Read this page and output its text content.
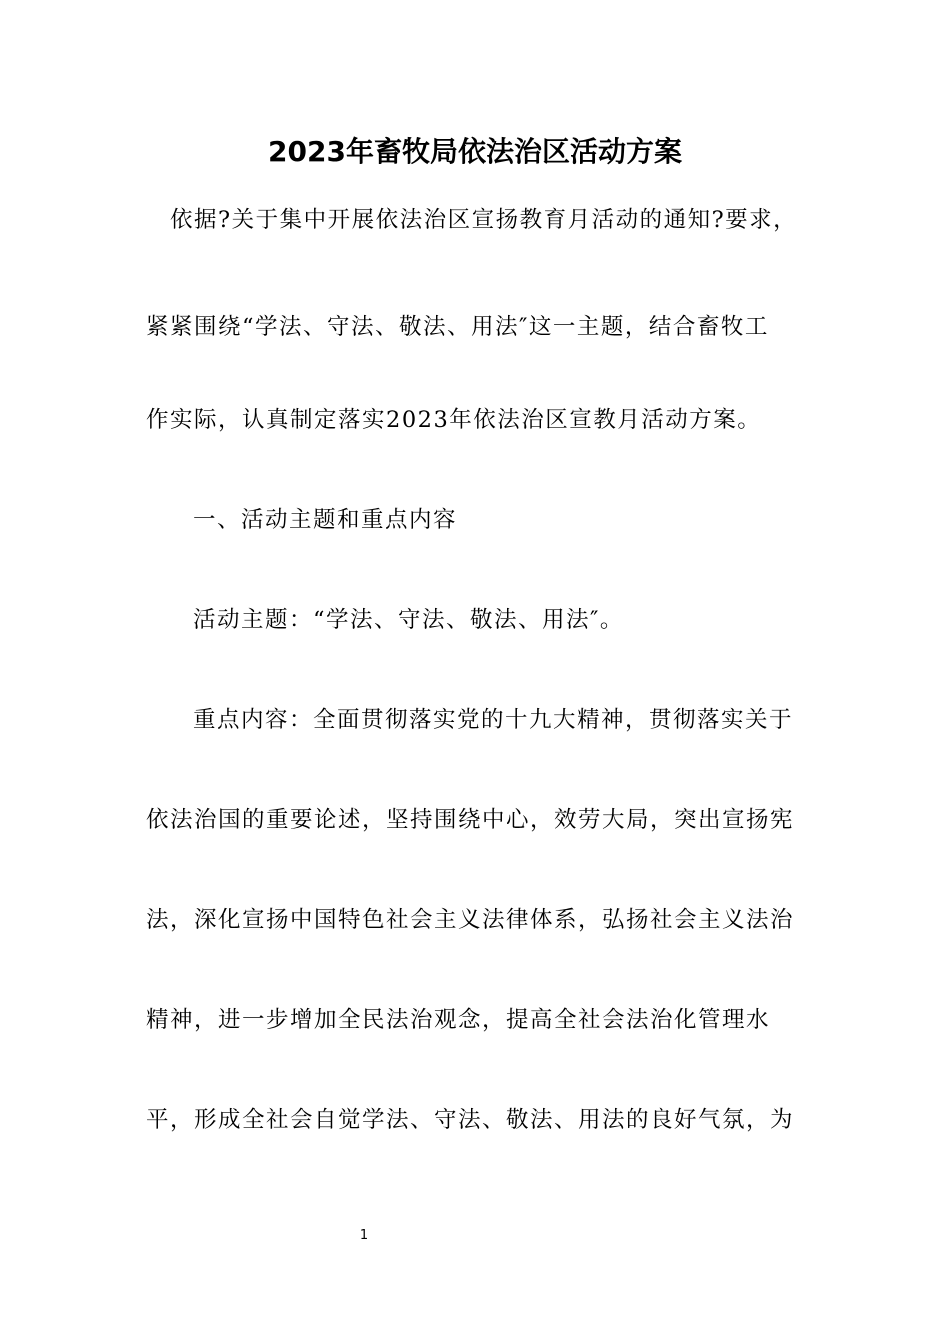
2023年畜牧局依法治区活动方案
依据?关于集中开展依法治区宣扬教育月活动的通知?要求，
紧紧围绕“学法、守法、敬法、用法″这一主题，结合畜牧工
作实际，认真制定落实2023年依法治区宣教月活动方案。
一、活动主题和重点内容
活动主题：“学法、守法、敬法、用法″。
重点内容：全面贯彻落实党的十九大精神，贯彻落实关于
依法治国的重要论述，坚持围绕中心，效劳大局，突出宣扬宪
法，深化宣扬中国特色社会主义法律体系，弘扬社会主义法治
精神，进一步增加全民法治观念，提高全社会法治化管理水
平，形成全社会自觉学法、守法、敬法、用法的良好气氛，为
1
